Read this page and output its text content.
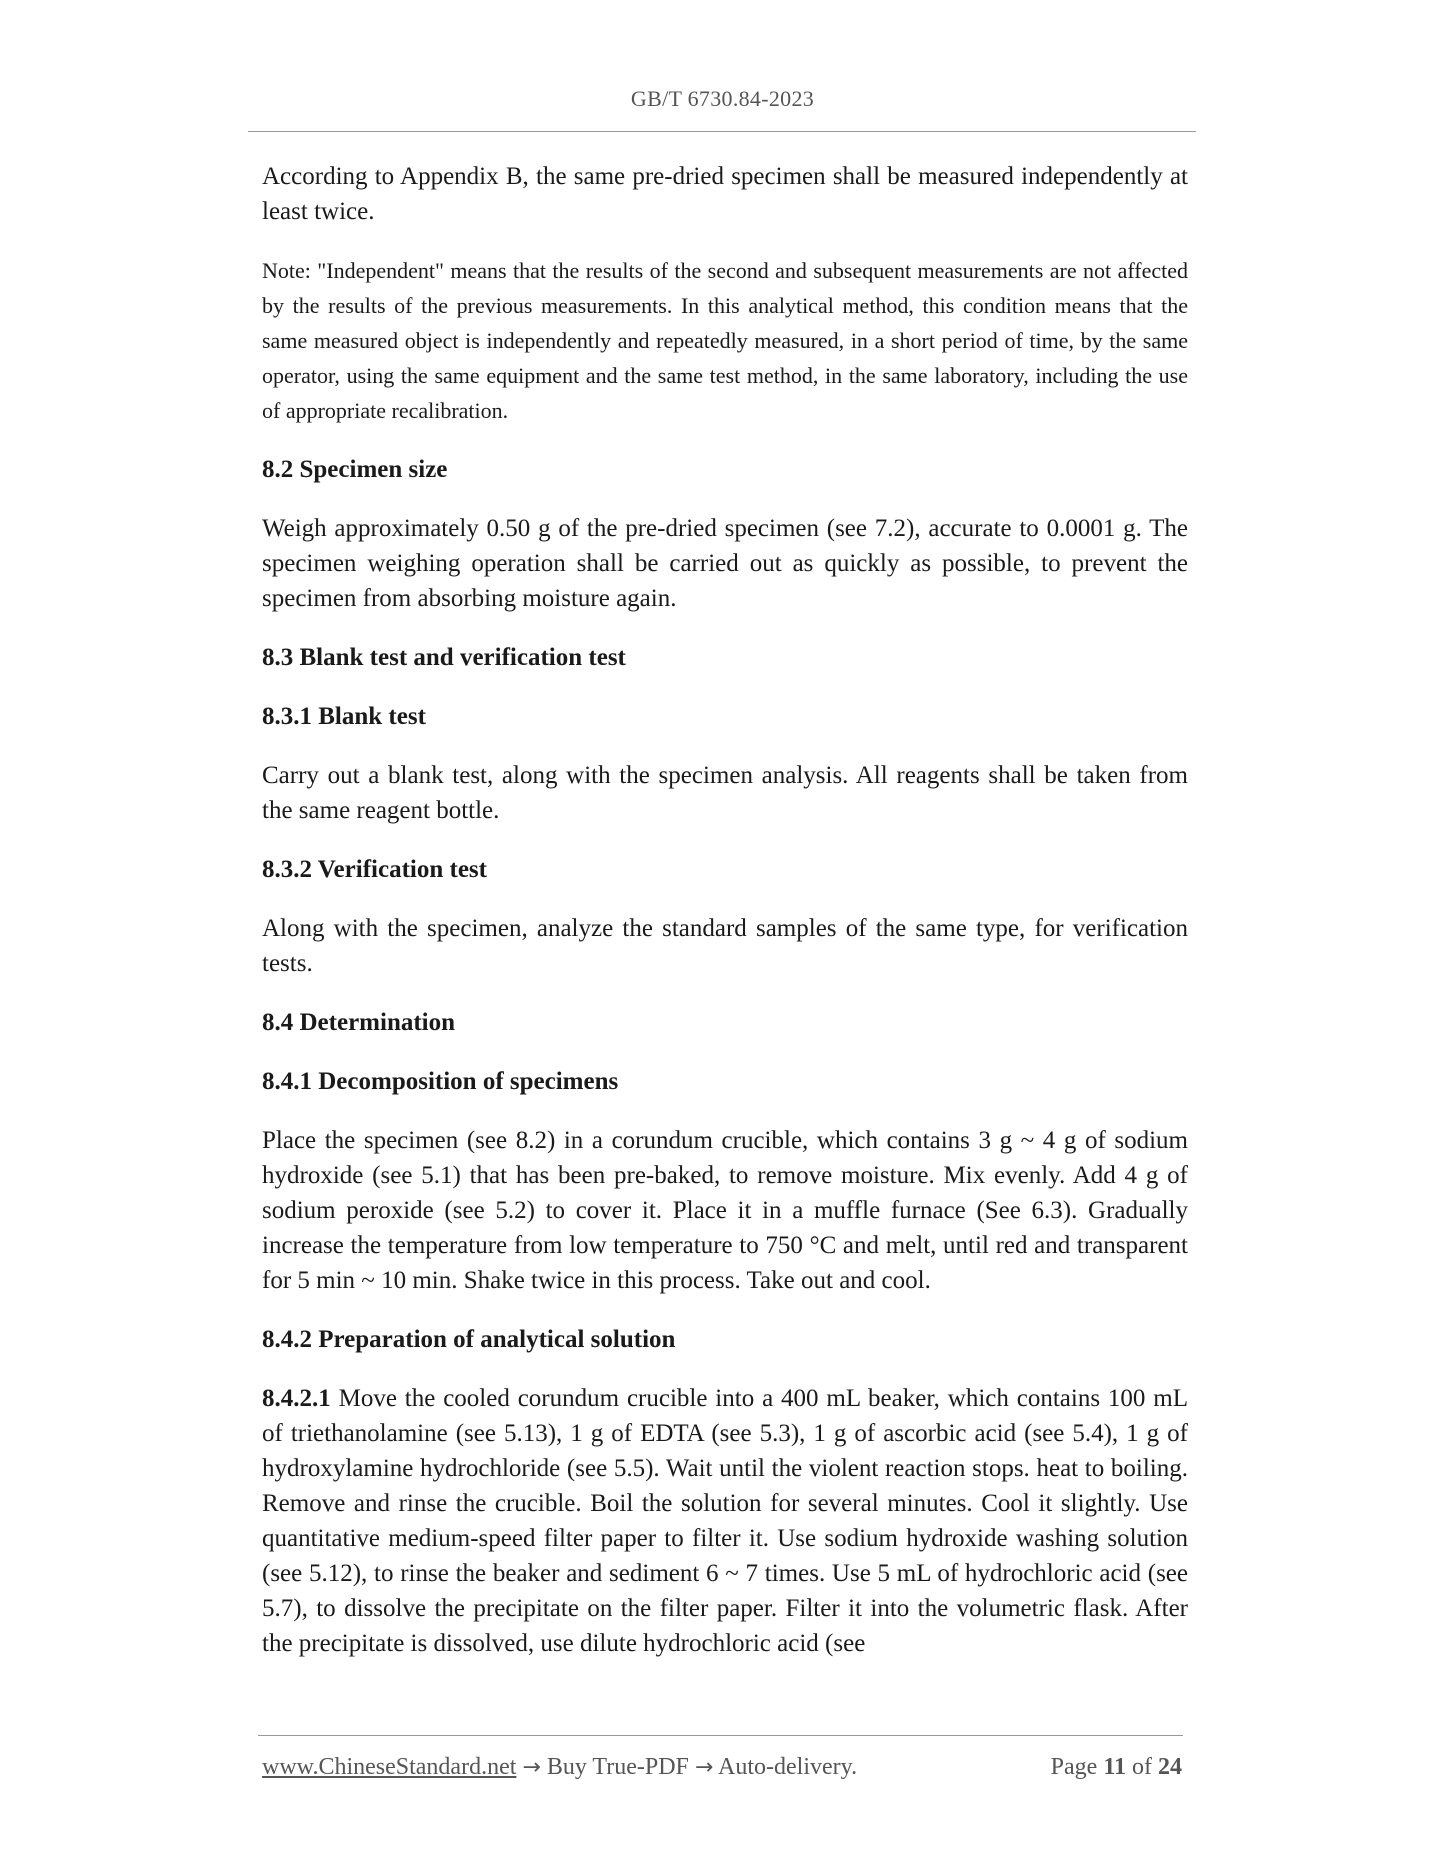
GB/T 6730.84-2023

According to Appendix B, the same pre-dried specimen shall be measured independently at least twice.

Note: "Independent" means that the results of the second and subsequent measurements are not affected by the results of the previous measurements. In this analytical method, this condition means that the same measured object is independently and repeatedly measured, in a short period of time, by the same operator, using the same equipment and the same test method, in the same laboratory, including the use of appropriate recalibration.

8.2 Specimen size

Weigh approximately 0.50 g of the pre-dried specimen (see 7.2), accurate to 0.0001 g. The specimen weighing operation shall be carried out as quickly as possible, to prevent the specimen from absorbing moisture again.

8.3 Blank test and verification test
8.3.1 Blank test

Carry out a blank test, along with the specimen analysis. All reagents shall be taken from the same reagent bottle.

8.3.2 Verification test

Along with the specimen, analyze the standard samples of the same type, for verification tests.

8.4 Determination
8.4.1 Decomposition of specimens

Place the specimen (see 8.2) in a corundum crucible, which contains 3 g ~ 4 g of sodium hydroxide (see 5.1) that has been pre-baked, to remove moisture. Mix evenly. Add 4 g of sodium peroxide (see 5.2) to cover it. Place it in a muffle furnace (See 6.3). Gradually increase the temperature from low temperature to 750 °C and melt, until red and transparent for 5 min ~ 10 min. Shake twice in this process. Take out and cool.

8.4.2 Preparation of analytical solution

8.4.2.1 Move the cooled corundum crucible into a 400 mL beaker, which contains 100 mL of triethanolamine (see 5.13), 1 g of EDTA (see 5.3), 1 g of ascorbic acid (see 5.4), 1 g of hydroxylamine hydrochloride (see 5.5). Wait until the violent reaction stops. heat to boiling. Remove and rinse the crucible. Boil the solution for several minutes. Cool it slightly. Use quantitative medium-speed filter paper to filter it. Use sodium hydroxide washing solution (see 5.12), to rinse the beaker and sediment 6 ~ 7 times. Use 5 mL of hydrochloric acid (see 5.7), to dissolve the precipitate on the filter paper. Filter it into the volumetric flask. After the precipitate is dissolved, use dilute hydrochloric acid (see

www.ChineseStandard.net → Buy True-PDF → Auto-delivery.	Page 11 of 24
